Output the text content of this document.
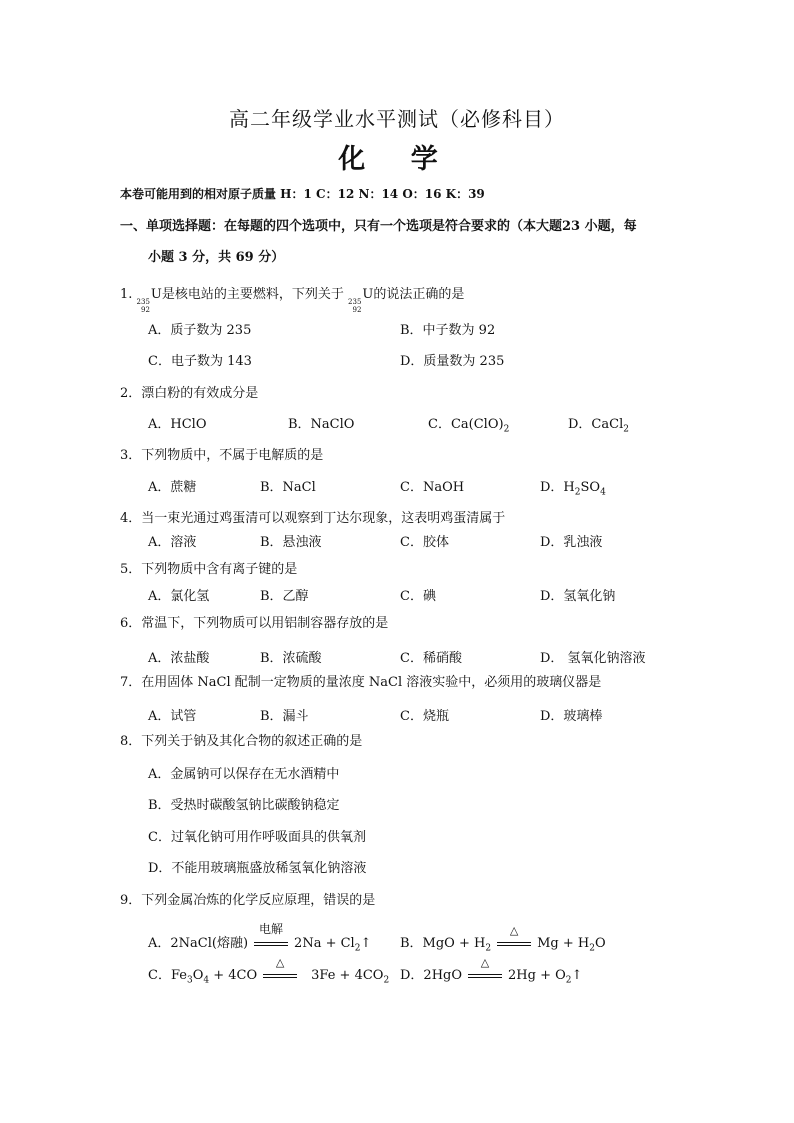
高二年级学业水平测试（必修科目）
化 学
本卷可能用到的相对原子质量 H：1 C：12 N：14 O：16 K：39
一、单项选择题：在每题的四个选项中，只有一个选项是符合要求的（本大题23 小题，每
小题 3 分，共 69 分）
1. 235
92
U是核电站的主要燃料，下列关于 235
92
U的说法正确的是
A．质子数为 235	B．中子数为 92
C．电子数为 143	D．质量数为 235
2．漂白粉的有效成分是
A．HClO	B．NaClO	C．$Ca(ClO)_2$	D．CaCl$_2$
3．下列物质中，不属于电解质的是
A．蔗糖	B．NaCl	C．NaOH	D．$H_2SO_4$
4．当一束光通过鸡蛋清可以观察到丁达尔现象，这表明鸡蛋清属于
A．溶液	B．悬浊液	C．胶体	D．乳浊液
5．下列物质中含有离子键的是
A．氯化氢	B．乙醇	C．碘	D．氢氧化钠
6．常温下，下列物质可以用铝制容器存放的是
A．浓盐酸	B．浓硫酸	C．稀硝酸	D． 氢氧化钠溶液
7．在用固体 NaCl 配制一定物质的量浓度 NaCl 溶液实验中，必须用的玻璃仪器是
A．试管	B．漏斗	C．烧瓶	D．玻璃棒
8．下列关于钠及其化合物的叙述正确的是
A．金属钠可以保存在无水酒精中
B．受热时碳酸氢钠比碳酸钠稳定
C．过氧化钠可用作呼吸面具的供氧剂
D．不能用玻璃瓶盛放稀氢氧化钠溶液
9．下列金属冶炼的化学反应原理，错误的是
A．2NaCl(熔融)
电解
$2Na + Cl_2↑$ B．MgO + $H_2$
△
$Mg + H_2O$
C．$Fe_3O_4 + 4CO$
△
$3Fe + 4CO_2$ D．2HgO
△
$2Hg + O_2↑$
